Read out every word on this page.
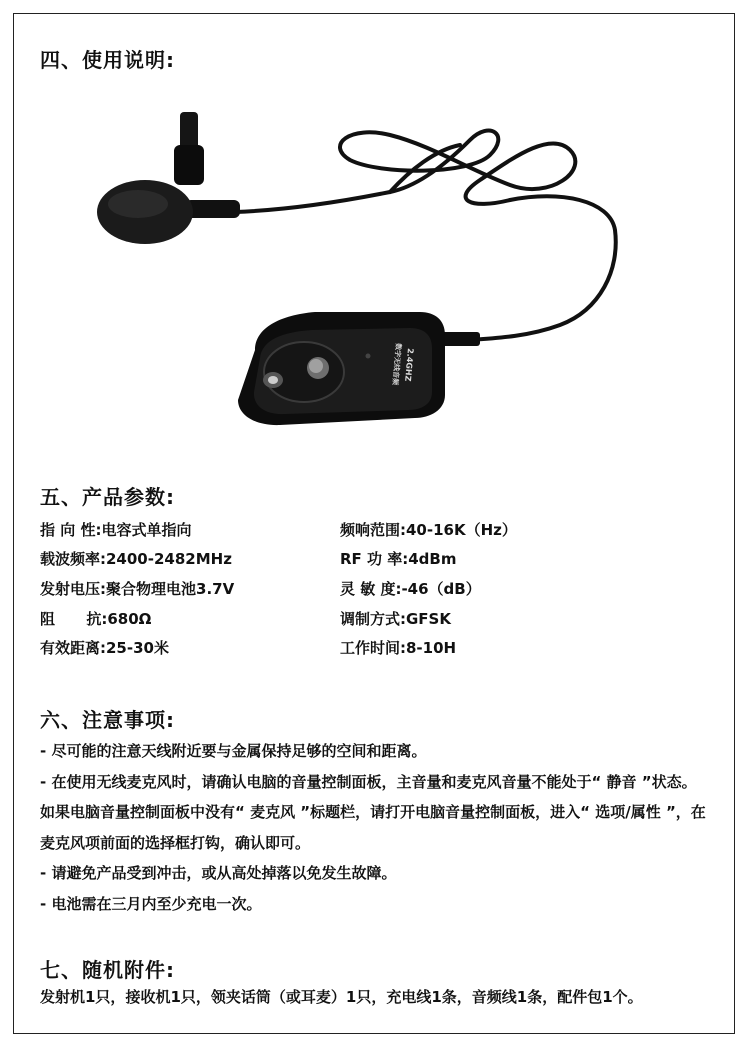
四、使用说明:
2.4GHZ
数字无线音频
五、产品参数:
指 向 性:电容式单指向
载波频率:2400-2482MHz
发射电压:聚合物理电池3.7V
阻      抗:680Ω
有效距离:25-30米
频响范围:40-16K（Hz）
RF 功 率:4dBm
灵 敏 度:-46（dB）
调制方式:GFSK
工作时间:8-10H
六、注意事项:

- 尽可能的注意天线附近要与金属保持足够的空间和距离。

- 在使用无线麦克风时，请确认电脑的音量控制面板，主音量和麦克风音量不能处于“ 静音 ”状态。如果电脑音量控制面板中没有“ 麦克风 ”标题栏，请打开电脑音量控制面板，进入“ 选项/属性 ”，在麦克风项前面的选择框打钩，确认即可。

- 请避免产品受到冲击，或从高处掉落以免发生故障。

- 电池需在三月内至少充电一次。

七、随机附件:
发射机1只，接收机1只，领夹话筒（或耳麦）1只，充电线1条，音频线1条，配件包1个。
